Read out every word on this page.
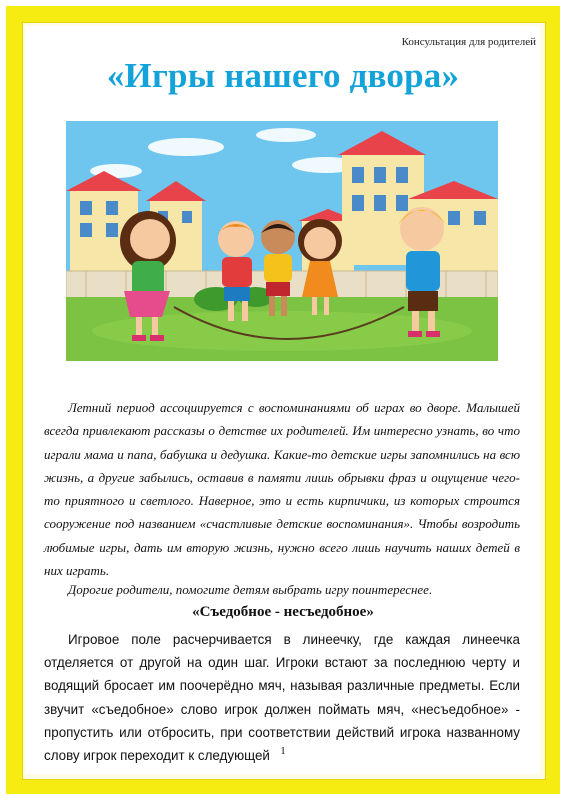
Консультация для родителей
«Игры нашего двора»

Летний период ассоциируется с воспоминаниями об играх во дворе. Малышей всегда привлекают рассказы о детстве их родителей. Им интересно узнать, во что играли мама и папа, бабушка и дедушка. Какие-то детские игры запомнились на всю жизнь, а другие забылись, оставив в памяти лишь обрывки фраз и ощущение чего-то приятного и светлого. Наверное, это и есть кирпичики, из которых строится сооружение под названием «счастливые детские воспоминания». Чтобы возродить любимые игры, дать им вторую жизнь, нужно всего лишь научить наших детей в них играть.

Дорогие родители, помогите детям выбрать игру поинтереснее.
«Съедобное - несъедобное»
Игровое поле расчерчивается в линеечку, где каждая линеечка отделяется от другой на один шаг. Игроки встают за последнюю черту и водящий бросает им поочерёдно мяч, называя различные предметы. Если звучит «съедобное» слово игрок должен поймать мяч, «несъедобное» - пропустить или отбросить, при соответствии действий игрока названному слову игрок переходит к следующей 1
